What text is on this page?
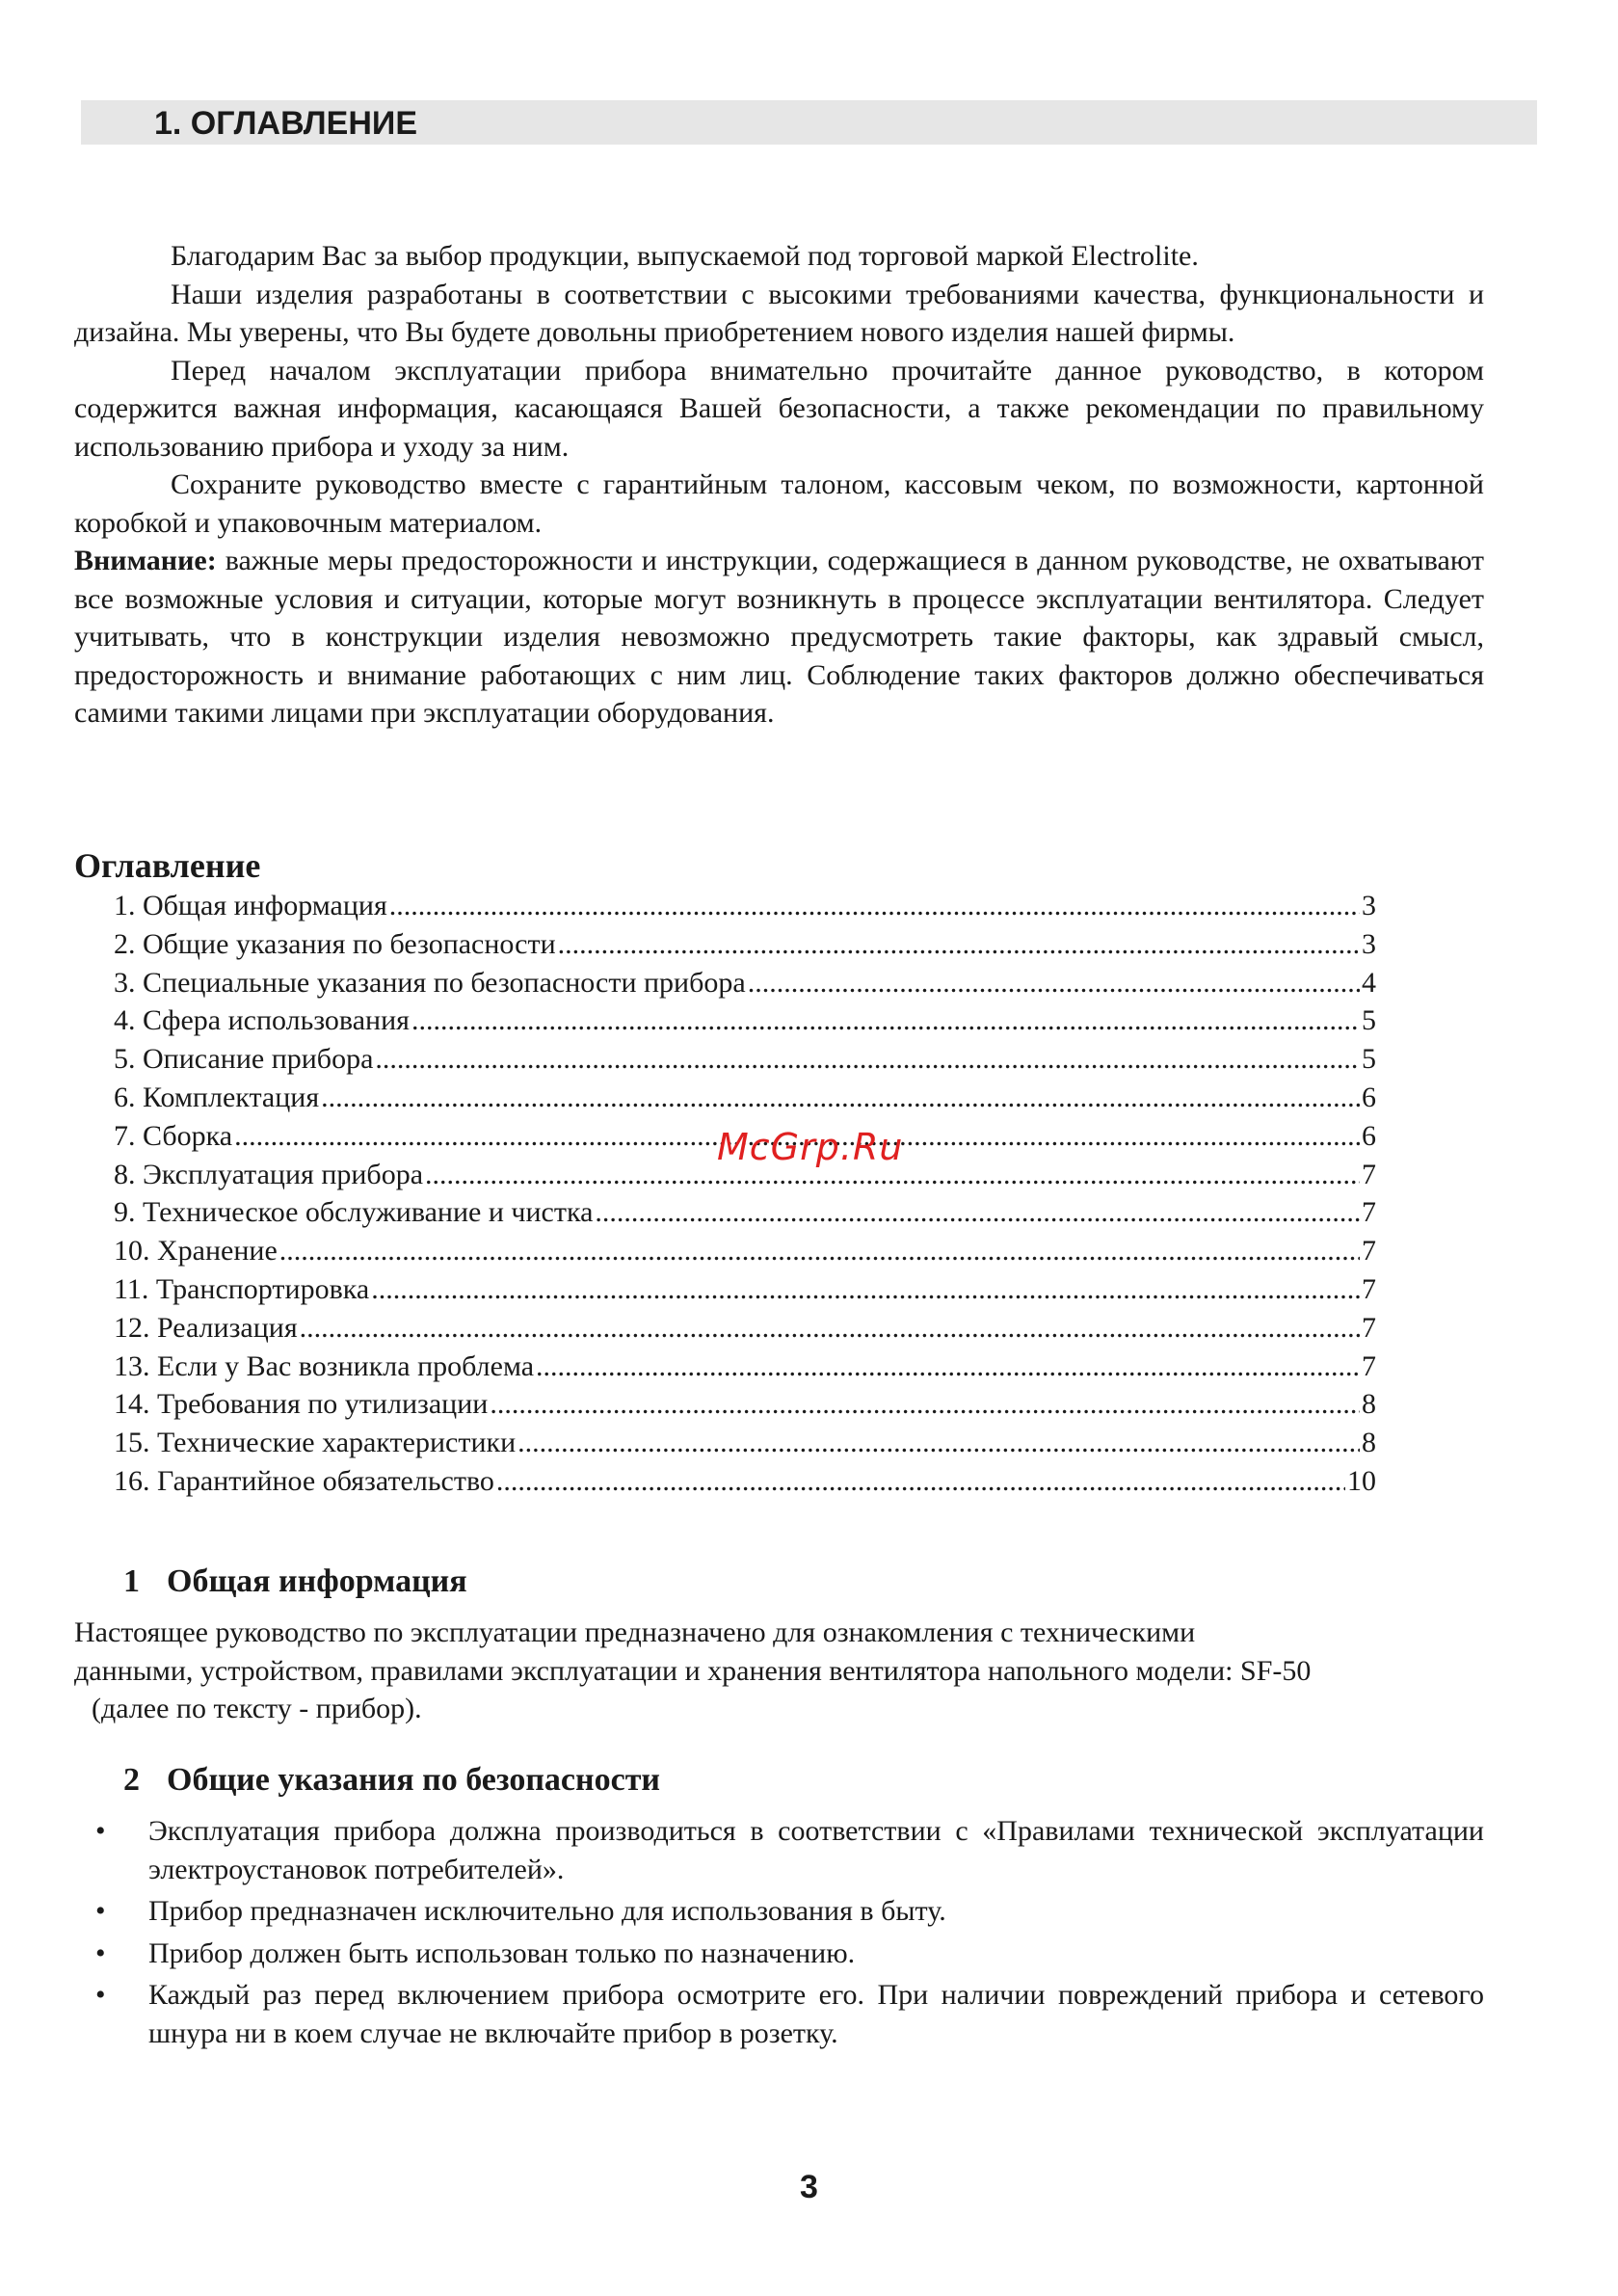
1. ОГЛАВЛЕНИЕ

Благодарим Вас за выбор продукции, выпускаемой под торговой маркой Electrolite.

Наши изделия разработаны в соответствии с высокими требованиями качества, функциональности и дизайна. Мы уверены, что Вы будете довольны приобретением нового изделия нашей фирмы.

Перед началом эксплуатации прибора внимательно прочитайте данное руководство, в котором содержится важная информация, касающаяся Вашей безопасности, а также рекомендации по правильному использованию прибора и уходу за ним.

Сохраните руководство вместе с гарантийным талоном, кассовым чеком, по возможности, картонной коробкой и упаковочным материалом.

Внимание: важные меры предосторожности и инструкции, содержащиеся в данном руководстве, не охватывают все возможные условия и ситуации, которые могут возникнуть в процессе эксплуатации вентилятора. Следует учитывать, что в конструкции изделия невозможно предусмотреть такие факторы, как здравый смысл, предосторожность и внимание работающих с ним лиц. Соблюдение таких факторов должно обеспечиваться самими такими лицами при эксплуатации оборудования.

Оглавление
1. Общая информация .....	3
2. Общие указания по безопасности .....	3
3. Специальные указания по безопасности прибора .....	4
4. Сфера использования .....	5
5. Описание прибора .....	5
6. Комплектация .....	6
7. Сборка .....	6
8. Эксплуатация прибора .....	7
9. Техническое обслуживание и чистка .....	7
10. Хранение .....	7
11. Транспортировка .....	7
12. Реализация .....	7
13. Если у Вас возникла проблема .....	7
14. Требования по утилизации .....	8
15. Технические характеристики .....	8
16. Гарантийное обязательство .....	10
McGrp.Ru
1 Общая информация
Настоящее руководство по эксплуатации предназначено для ознакомления с техническими
данными, устройством, правилами эксплуатации и хранения вентилятора напольного модели: SF-50
(далее по тексту - прибор).
2 Общие указания по безопасности
• Эксплуатация прибора должна производиться в соответствии с «Правилами технической эксплуатации электроустановок потребителей».
• Прибор предназначен исключительно для использования в быту.
• Прибор должен быть использован только по назначению.
• Каждый раз перед включением прибора осмотрите его. При наличии повреждений прибора и сетевого шнура ни в коем случае не включайте прибор в розетку.
3
